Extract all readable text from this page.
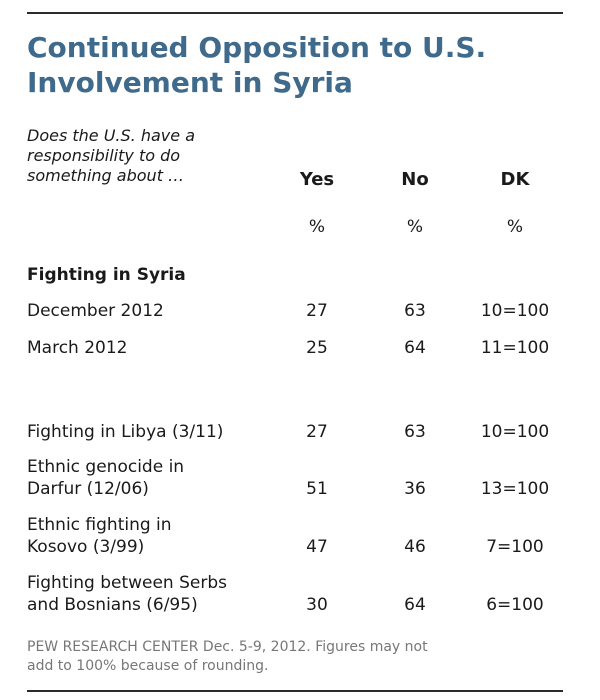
Continued Opposition to U.S.
Involvement in Syria
Does the U.S. have a
responsibility to do
something about …	Yes	No	DK
%	%	%
Fighting in Syria
December 2012	27	63	10=100
March 2012	25	64	11=100
Fighting in Libya (3/11)	27	63	10=100
Ethnic genocide in
Darfur (12/06)	51	36	13=100
Ethnic fighting in
Kosovo (3/99)	47	46	7=100
Fighting between Serbs
and Bosnians (6/95)	30	64	6=100
PEW RESEARCH CENTER Dec. 5-9, 2012. Figures may not
add to 100% because of rounding.
